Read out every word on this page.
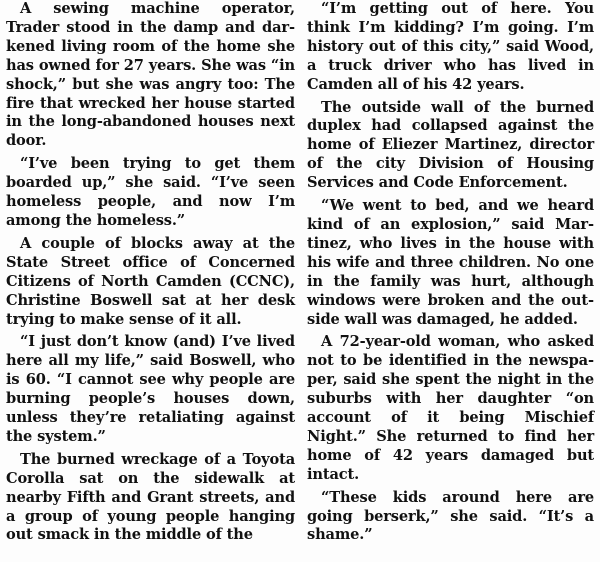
A sewing machine operator, Trader stood in the damp and darkened living room of the home she has owned for 27 years. She was “in shock,” but she was angry too: The fire that wrecked her house started in the long-abandoned houses next door.

“I’ve been trying to get them boarded up,” she said. “I’ve seen homeless people, and now I’m among the homeless.”

A couple of blocks away at the State Street office of Concerned Citizens of North Camden (CCNC), Christine Boswell sat at her desk trying to make sense of it all.

“I just don’t know (and) I’ve lived here all my life,” said Boswell, who is 60. “I cannot see why people are burning people’s houses down, unless they’re retaliating against the system.”

The burned wreckage of a Toyota Corolla sat on the sidewalk at nearby Fifth and Grant streets, and a group of young people hanging out smack in the middle of the

“I’m getting out of here. You think I’m kidding? I’m going. I’m history out of this city,” said Wood, a truck driver who has lived in Camden all of his 42 years.

The outside wall of the burned duplex had collapsed against the home of Eliezer Martinez, director of the city Division of Housing Services and Code Enforcement.

“We went to bed, and we heard kind of an explosion,” said Martinez, who lives in the house with his wife and three children. No one in the family was hurt, although windows were broken and the outside wall was damaged, he added.

A 72-year-old woman, who asked not to be identified in the newspaper, said she spent the night in the suburbs with her daughter “on account of it being Mischief Night.” She returned to find her home of 42 years damaged but intact.

“These kids around here are going berserk,” she said. “It’s a shame.”
